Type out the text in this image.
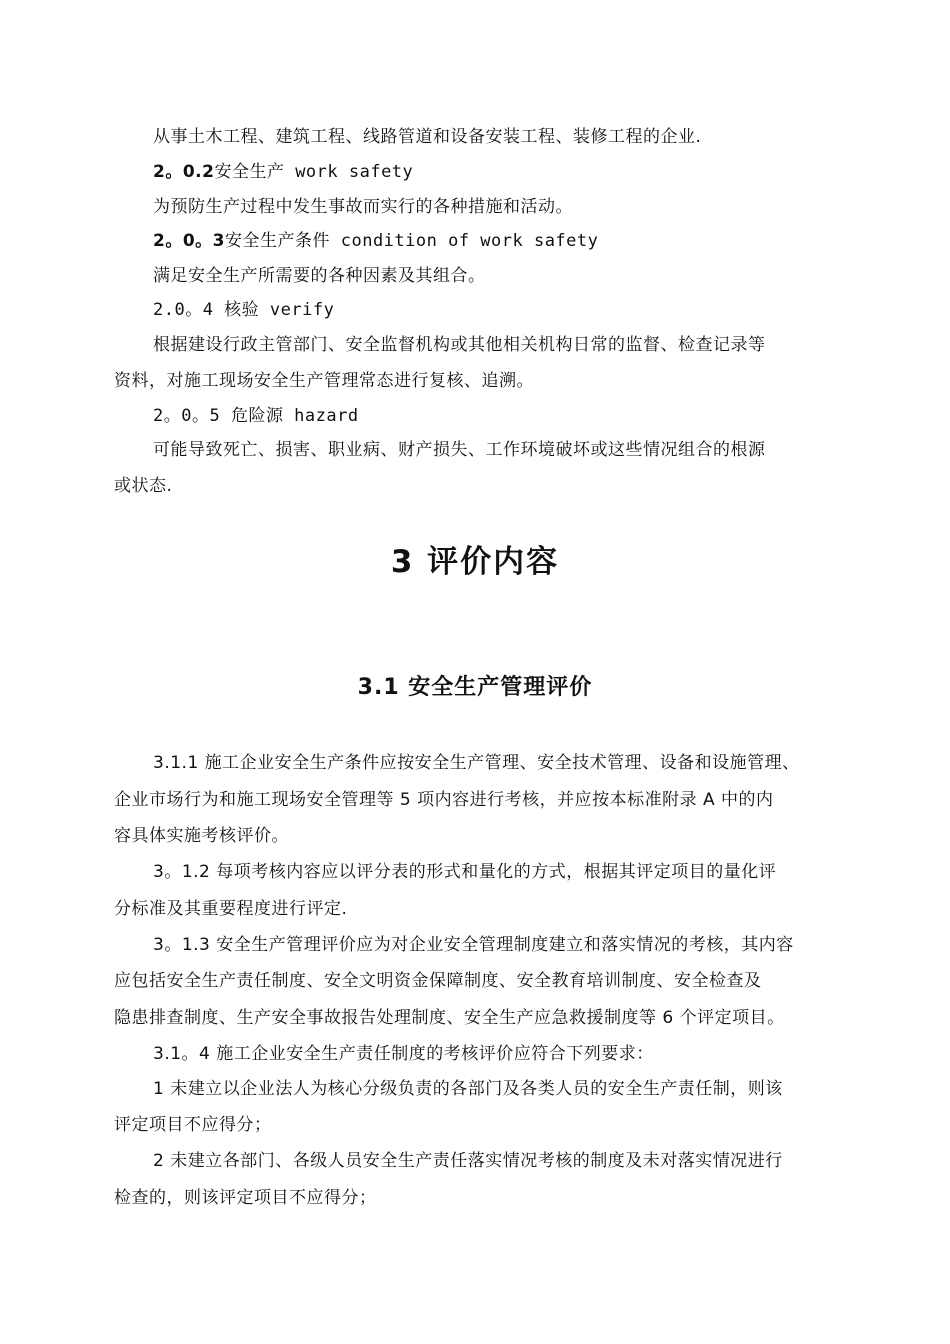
从事土木工程、建筑工程、线路管道和设备安装工程、装修工程的企业.
2。0.2安全生产 work safety
为预防生产过程中发生事故而实行的各种措施和活动。
2。0。3安全生产条件 condition of work safety
满足安全生产所需要的各种因素及其组合。
2.0。4 核验 verify
根据建设行政主管部门、安全监督机构或其他相关机构日常的监督、检查记录等
资料，对施工现场安全生产管理常态进行复核、追溯。
2。0。5 危险源 hazard
可能导致死亡、损害、职业病、财产损失、工作环境破坏或这些情况组合的根源
或状态.
3 评价内容
3.1 安全生产管理评价
3.1.1 施工企业安全生产条件应按安全生产管理、安全技术管理、设备和设施管理、
企业市场行为和施工现场安全管理等 5 项内容进行考核，并应按本标准附录 A 中的内
容具体实施考核评价。
3。1.2 每项考核内容应以评分表的形式和量化的方式，根据其评定项目的量化评
分标准及其重要程度进行评定.
3。1.3 安全生产管理评价应为对企业安全管理制度建立和落实情况的考核，其内容
应包括安全生产责任制度、安全文明资金保障制度、安全教育培训制度、安全检查及
隐患排查制度、生产安全事故报告处理制度、安全生产应急救援制度等 6 个评定项目。
3.1。4 施工企业安全生产责任制度的考核评价应符合下列要求：
1 未建立以企业法人为核心分级负责的各部门及各类人员的安全生产责任制，则该
评定项目不应得分；
2 未建立各部门、各级人员安全生产责任落实情况考核的制度及未对落实情况进行
检查的，则该评定项目不应得分；
